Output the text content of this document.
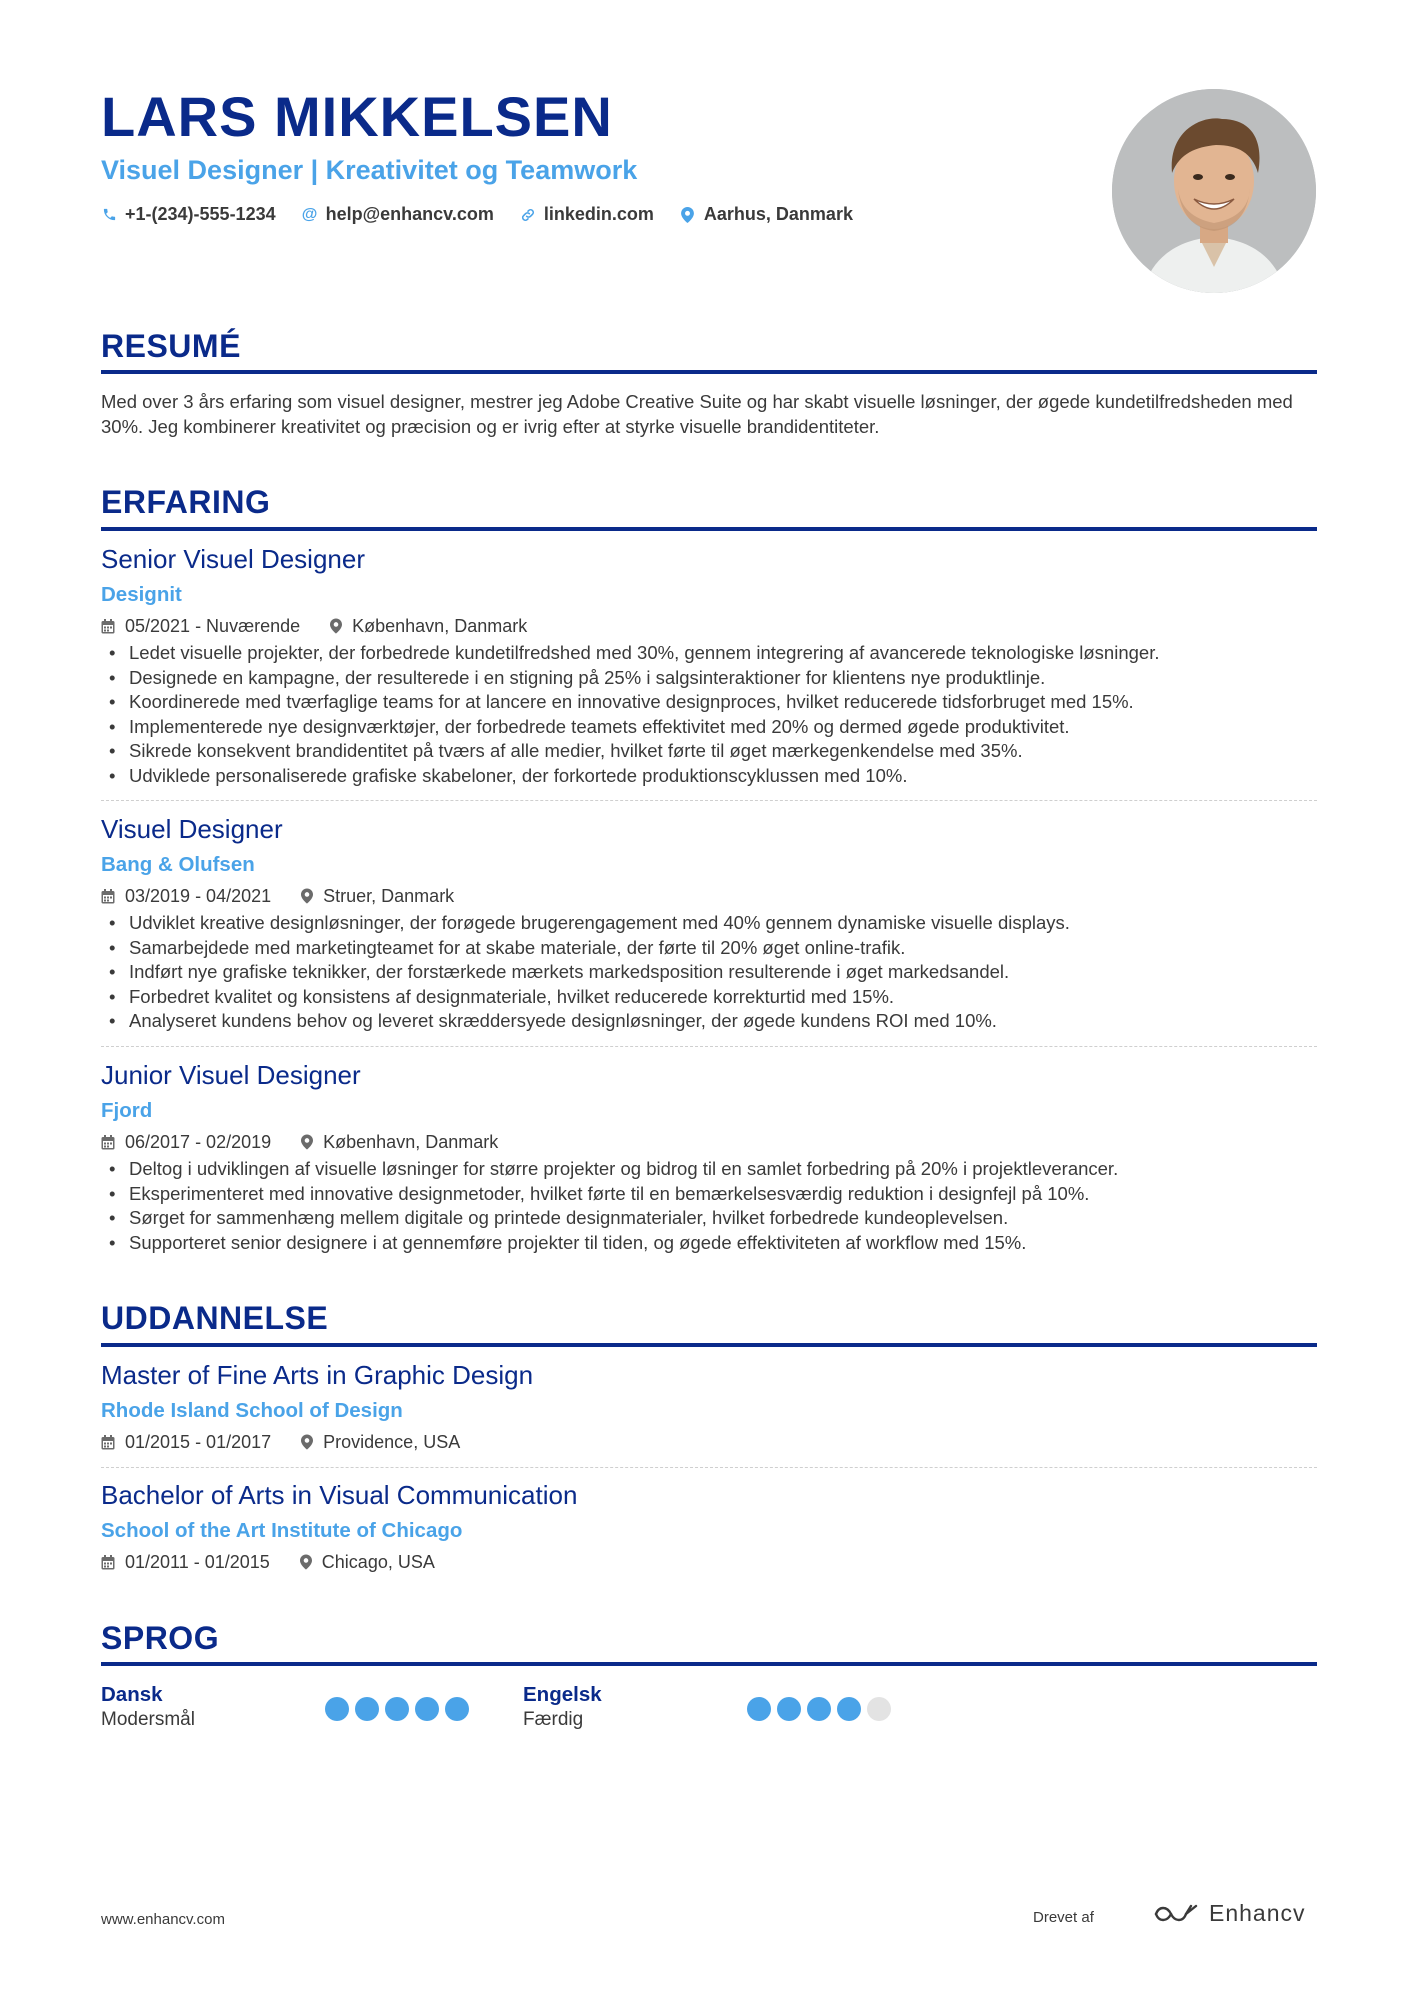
LARS MIKKELSEN
Visuel Designer | Kreativitet og Teamwork
+1-(234)-555-1234 @ help@enhancv.com	linkedin.com	Aarhus, Danmark
RESUMÉ
Med over 3 års erfaring som visuel designer, mestrer jeg Adobe Creative Suite og har skabt visuelle løsninger, der øgede kundetilfredsheden med 30%. Jeg kombinerer kreativitet og præcision og er ivrig efter at styrke visuelle brandidentiteter.
ERFARING
Senior Visuel Designer
Designit
05/2021 - Nuværende	København, Danmark
• Ledet visuelle projekter, der forbedrede kundetilfredshed med 30%, gennem integrering af avancerede teknologiske løsninger.
• Designede en kampagne, der resulterede i en stigning på 25% i salgsinteraktioner for klientens nye produktlinje.
• Koordinerede med tværfaglige teams for at lancere en innovative designproces, hvilket reducerede tidsforbruget med 15%.
• Implementerede nye designværktøjer, der forbedrede teamets effektivitet med 20% og dermed øgede produktivitet.
• Sikrede konsekvent brandidentitet på tværs af alle medier, hvilket førte til øget mærkegenkendelse med 35%.
• Udviklede personaliserede grafiske skabeloner, der forkortede produktionscyklussen med 10%.
Visuel Designer
Bang & Olufsen
03/2019 - 04/2021	Struer, Danmark
• Udviklet kreative designløsninger, der forøgede brugerengagement med 40% gennem dynamiske visuelle displays.
• Samarbejdede med marketingteamet for at skabe materiale, der førte til 20% øget online-trafik.
• Indført nye grafiske teknikker, der forstærkede mærkets markedsposition resulterende i øget markedsandel.
• Forbedret kvalitet og konsistens af designmateriale, hvilket reducerede korrekturtid med 15%.
• Analyseret kundens behov og leveret skræddersyede designløsninger, der øgede kundens ROI med 10%.
Junior Visuel Designer
Fjord
06/2017 - 02/2019	København, Danmark
• Deltog i udviklingen af visuelle løsninger for større projekter og bidrog til en samlet forbedring på 20% i projektleverancer.
• Eksperimenteret med innovative designmetoder, hvilket førte til en bemærkelsesværdig reduktion i designfejl på 10%.
• Sørget for sammenhæng mellem digitale og printede designmaterialer, hvilket forbedrede kundeoplevelsen.
• Supporteret senior designere i at gennemføre projekter til tiden, og øgede effektiviteten af workflow med 15%.
UDDANNELSE
Master of Fine Arts in Graphic Design
Rhode Island School of Design
01/2015 - 01/2017	Providence, USA
Bachelor of Arts in Visual Communication
School of the Art Institute of Chicago
01/2011 - 01/2015	Chicago, USA
SPROG
Dansk
Modersmål
Engelsk
Færdig
www.enhancv.com	Drevet af	Enhancv
